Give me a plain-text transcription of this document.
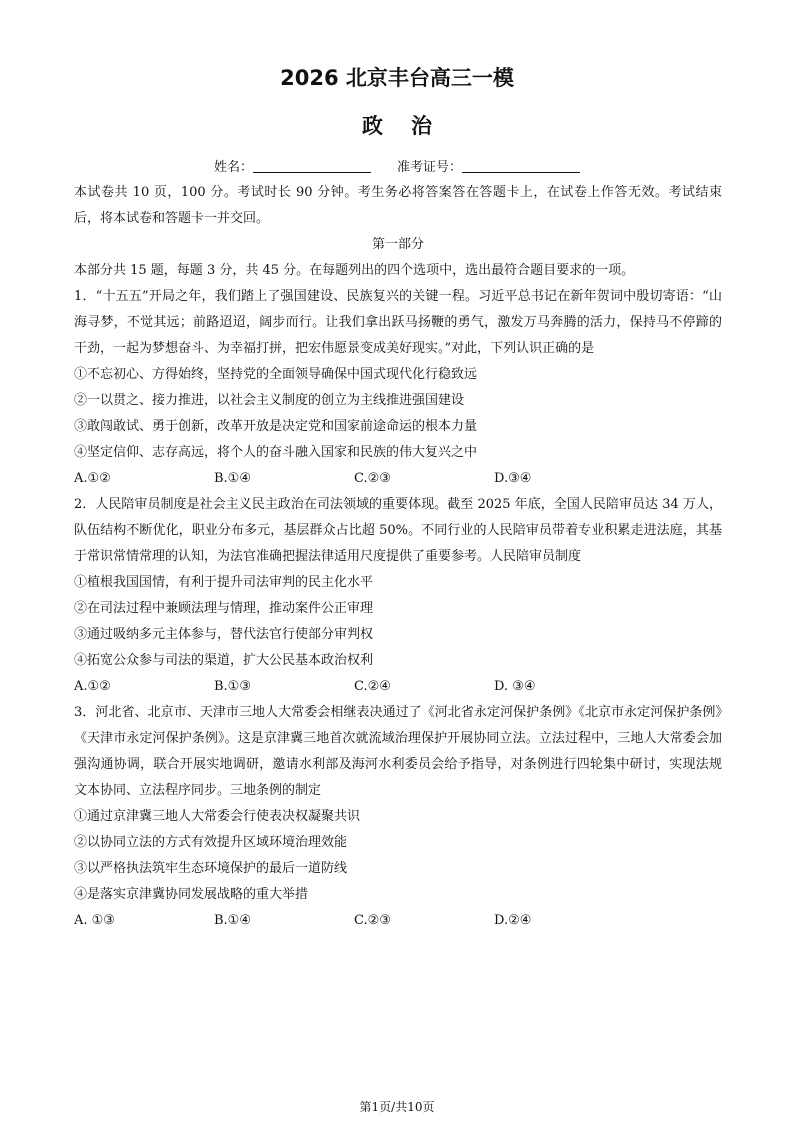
2026 北京丰台高三一模
政治
姓名：	准考证号：

本试卷共 10 页，100 分。考试时长 90 分钟。考生务必将答案答在答题卡上，在试卷上作答无效。考试结束后，将本试卷和答题卡一并交回。

第一部分

本部分共 15 题，每题 3 分，共 45 分。在每题列出的四个选项中，选出最符合题目要求的一项。

1．“十五五”开局之年，我们踏上了强国建设、民族复兴的关键一程。习近平总书记在新年贺词中殷切寄语：“山海寻梦，不觉其远；前路迢迢，阔步而行。让我们拿出跃马扬鞭的勇气，激发万马奔腾的活力，保持马不停蹄的干劲，一起为梦想奋斗、为幸福打拼，把宏伟愿景变成美好现实。”对此，下列认识正确的是

①不忘初心、方得始终，坚持党的全面领导确保中国式现代化行稳致远

②一以贯之、接力推进，以社会主义制度的创立为主线推进强国建设

③敢闯敢试、勇于创新，改革开放是决定党和国家前途命运的根本力量

④坚定信仰、志存高远，将个人的奋斗融入国家和民族的伟大复兴之中

A.①②	B.①④	C.②③	D.③④

2．人民陪审员制度是社会主义民主政治在司法领域的重要体现。截至 2025 年底，全国人民陪审员达 34 万人，队伍结构不断优化，职业分布多元，基层群众占比超 50%。不同行业的人民陪审员带着专业积累走进法庭，其基于常识常情常理的认知，为法官准确把握法律适用尺度提供了重要参考。人民陪审员制度

①植根我国国情，有利于提升司法审判的民主化水平

②在司法过程中兼顾法理与情理，推动案件公正审理

③通过吸纳多元主体参与，替代法官行使部分审判权

④拓宽公众参与司法的渠道，扩大公民基本政治权利

A.①②	B.①③	C.②④	D. ③④

3．河北省、北京市、天津市三地人大常委会相继表决通过了《河北省永定河保护条例》《北京市永定河保护条例》《天津市永定河保护条例》。这是京津冀三地首次就流域治理保护开展协同立法。立法过程中，三地人大常委会加强沟通协调，联合开展实地调研，邀请水利部及海河水利委员会给予指导，对条例进行四轮集中研讨，实现法规文本协同、立法程序同步。三地条例的制定

①通过京津冀三地人大常委会行使表决权凝聚共识

②以协同立法的方式有效提升区域环境治理效能

③以严格执法筑牢生态环境保护的最后一道防线

④是落实京津冀协同发展战略的重大举措

A. ①③	B.①④	C.②③	D.②④
第1页/共10页
